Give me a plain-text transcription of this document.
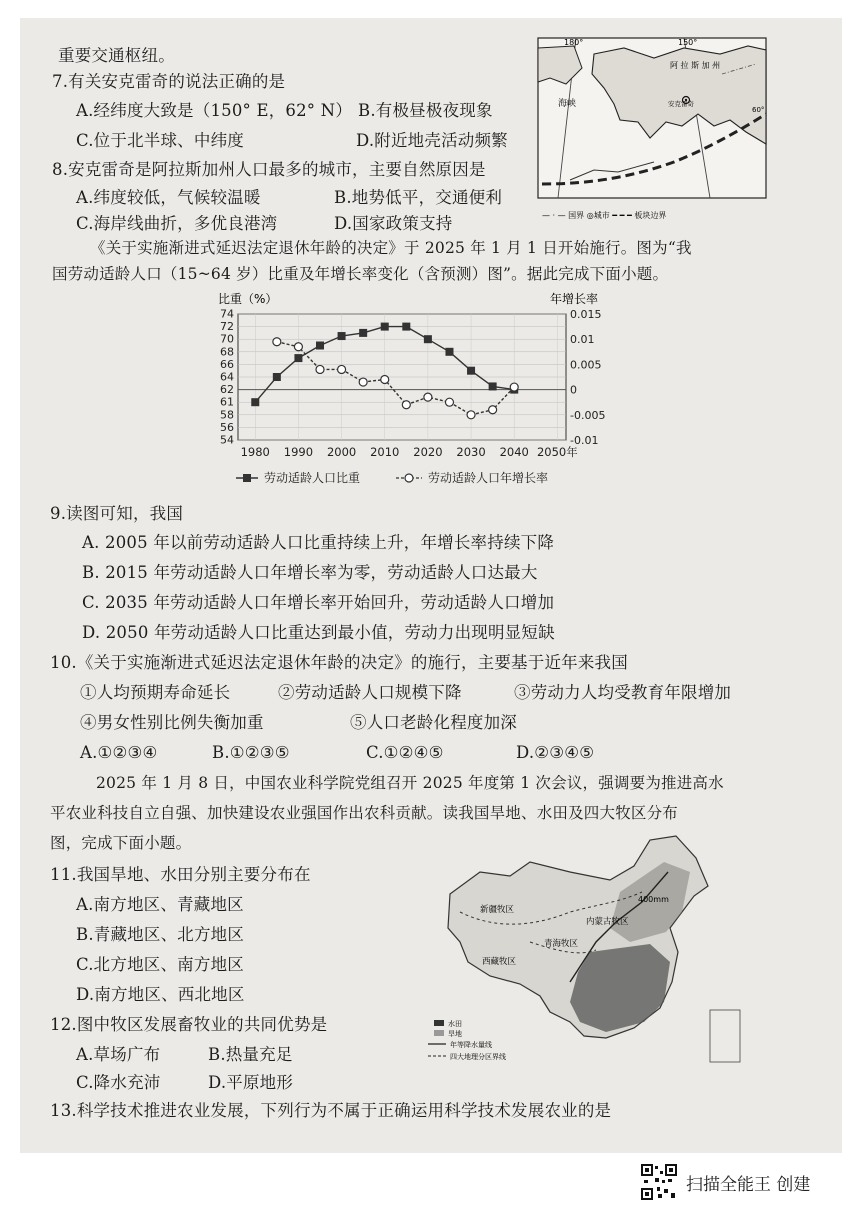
重要交通枢纽。
7.有关安克雷奇的说法正确的是
A.经纬度大致是（150° E，62° N） B.有极昼极夜现象
C.位于北半球、中纬度	D.附近地壳活动频繁
8.安克雷奇是阿拉斯加州人口最多的城市，主要自然原因是
A.纬度较低，气候较温暖	B.地势低平，交通便利
C.海岸线曲折，多优良港湾	D.国家政策支持
《关于实施渐进式延迟法定退休年龄的决定》于 2025 年 1 月 1 日开始施行。图为“我
国劳动适龄人口（15~64 岁）比重及年增长率变化（含预测）图”。据此完成下面小题。
180°	150°
阿 拉 斯 加 州
安克雷奇
海峡
60°
— · — 国界 ◎城市 ━ ━ ━ 板块边界
比重（%）	年增长率
74
72
70
68
66
64
62
61
58
56
54
1980 1990 2000 2010 2020 2030 2040 2050年
0.015
0.01
0.005
0
-0.005
-0.01
劳动适龄人口比重	劳动适龄人口年增长率
9.读图可知，我国
A. 2005 年以前劳动适龄人口比重持续上升，年增长率持续下降
B. 2015 年劳动适龄人口年增长率为零，劳动适龄人口达最大
C. 2035 年劳动适龄人口年增长率开始回升，劳动适龄人口增加
D. 2050 年劳动适龄人口比重达到最小值，劳动力出现明显短缺
10.《关于实施渐进式延迟法定退休年龄的决定》的施行，主要基于近年来我国
①人均预期寿命延长	②劳动适龄人口规模下降	③劳动力人均受教育年限增加
④男女性别比例失衡加重	⑤人口老龄化程度加深
A.①②③④	B.①②③⑤	C.①②④⑤	D.②③④⑤
2025 年 1 月 8 日，中国农业科学院党组召开 2025 年度第 1 次会议，强调要为推进高水
平农业科技自立自强、加快建设农业强国作出农科贡献。读我国旱地、水田及四大牧区分布
图，完成下面小题。
11.我国旱地、水田分别主要分布在
A.南方地区、青藏地区
B.青藏地区、北方地区
C.北方地区、南方地区
D.南方地区、西北地区
12.图中牧区发展畜牧业的共同优势是
A.草场广布	B.热量充足
C.降水充沛	D.平原地形
13.科学技术推进农业发展，下列行为不属于正确运用科学技术发展农业的是
新疆牧区
内蒙古牧区
青海牧区
西藏牧区
400mm
水田
旱地
年等降水量线
四大地理分区界线
扫描全能王 创建
